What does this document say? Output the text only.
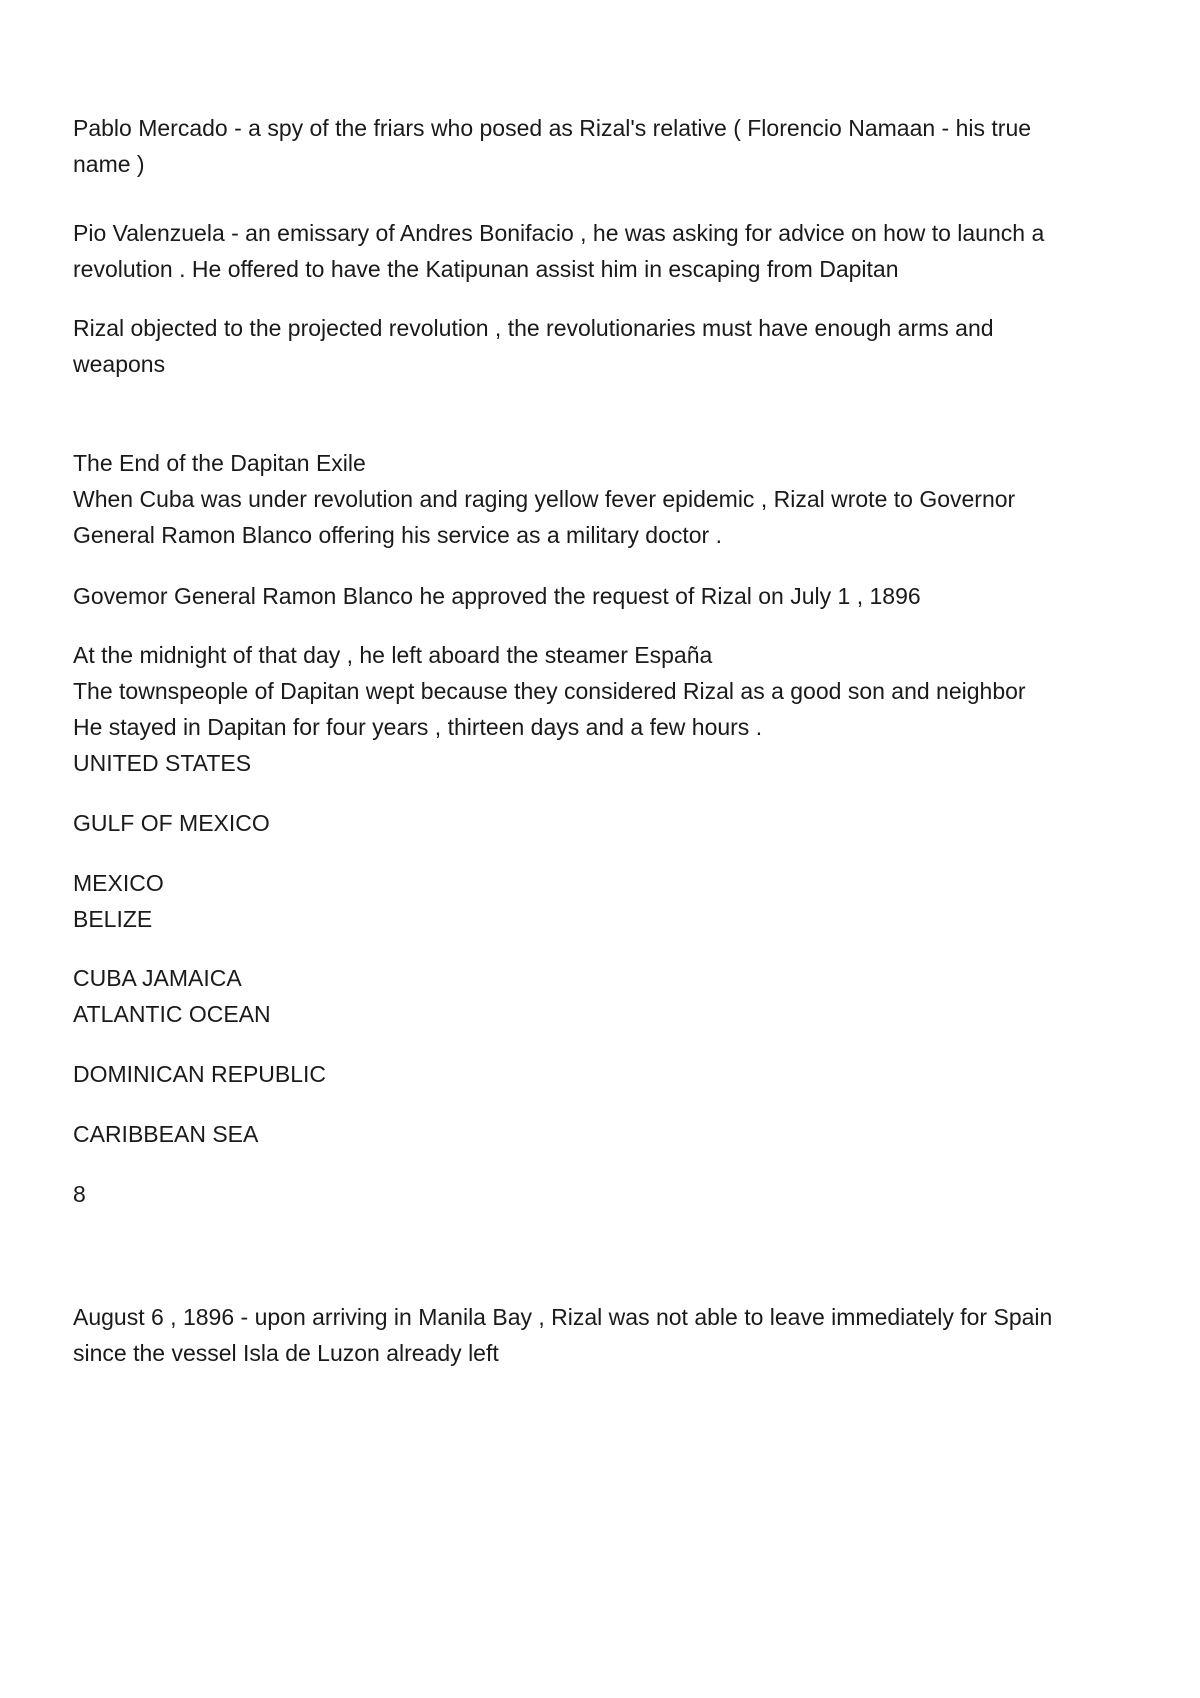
Pablo Mercado - a spy of the friars who posed as Rizal's relative ( Florencio Namaan - his true

name )

Pio Valenzuela - an emissary of Andres Bonifacio , he was asking for advice on how to launch a

revolution . He offered to have the Katipunan assist him in escaping from Dapitan

Rizal objected to the projected revolution , the revolutionaries must have enough arms and

weapons

The End of the Dapitan Exile

When Cuba was under revolution and raging yellow fever epidemic , Rizal wrote to Governor

General Ramon Blanco offering his service as a military doctor .

Govemor General Ramon Blanco he approved the request of Rizal on July 1 , 1896

At the midnight of that day , he left aboard the steamer España

The townspeople of Dapitan wept because they considered Rizal as a good son and neighbor

He stayed in Dapitan for four years , thirteen days and a few hours .

UNITED STATES

GULF OF MEXICO

MEXICO

BELIZE

CUBA JAMAICA

ATLANTIC OCEAN

DOMINICAN REPUBLIC

CARIBBEAN SEA

8

August 6 , 1896 - upon arriving in Manila Bay , Rizal was not able to leave immediately for Spain

since the vessel Isla de Luzon already left
